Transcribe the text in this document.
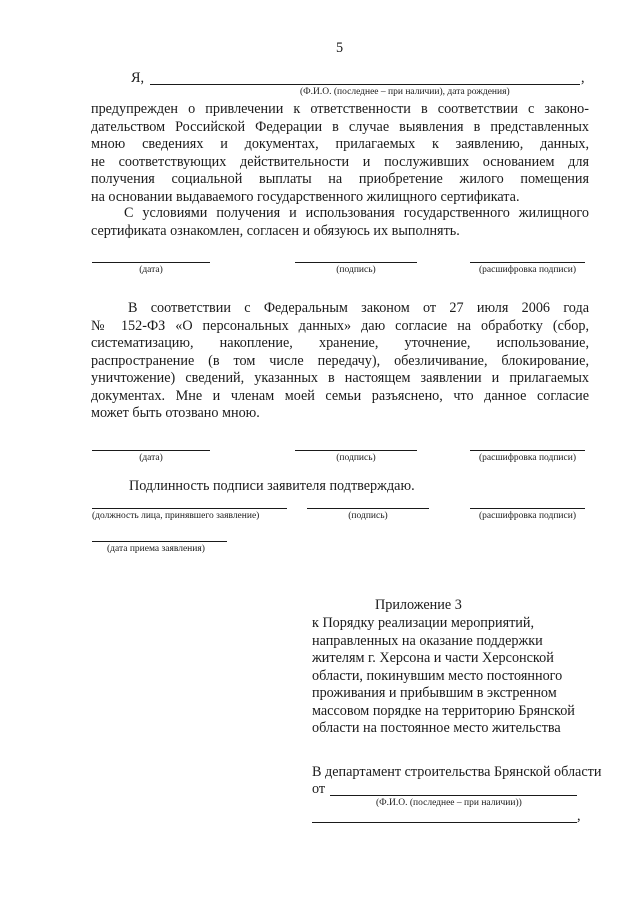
5
Я,	,
(Ф.И.О. (последнее – при наличии), дата рождения)
предупрежден о привлечении к ответственности в соответствии с законо-
дательством Российской Федерации в случае выявления в представленных
мною сведениях и документах, прилагаемых к заявлению, данных,
не соответствующих действительности и послуживших основанием для
получения социальной выплаты на приобретение жилого помещения
на основании выдаваемого государственного жилищного сертификата.
С условиями получения и использования государственного жилищного
сертификата ознакомлен, согласен и обязуюсь их выполнять.
(дата)	(подпись)	(расшифровка подписи)
В соответствии с Федеральным законом от 27 июля 2006 года
№ 152-ФЗ «О персональных данных» даю согласие на обработку (сбор,
систематизацию, накопление, хранение, уточнение, использование,
распространение (в том числе передачу), обезличивание, блокирование,
уничтожение) сведений, указанных в настоящем заявлении и прилагаемых
документах. Мне и членам моей семьи разъяснено, что данное согласие
может быть отозвано мною.
(дата)	(подпись)	(расшифровка подписи)
Подлинность подписи заявителя подтверждаю.
(должность лица, принявшего заявление)	(подпись)	(расшифровка подписи)
(дата приема заявления)
Приложение 3
к Порядку реализации мероприятий,
направленных на оказание поддержки
жителям г. Херсона и части Херсонской
области, покинувшим место постоянного
проживания и прибывшим в экстренном
массовом порядке на территорию Брянской
области на постоянное место жительства
В департамент строительства Брянской области
от
(Ф.И.О. (последнее – при наличии))
,
